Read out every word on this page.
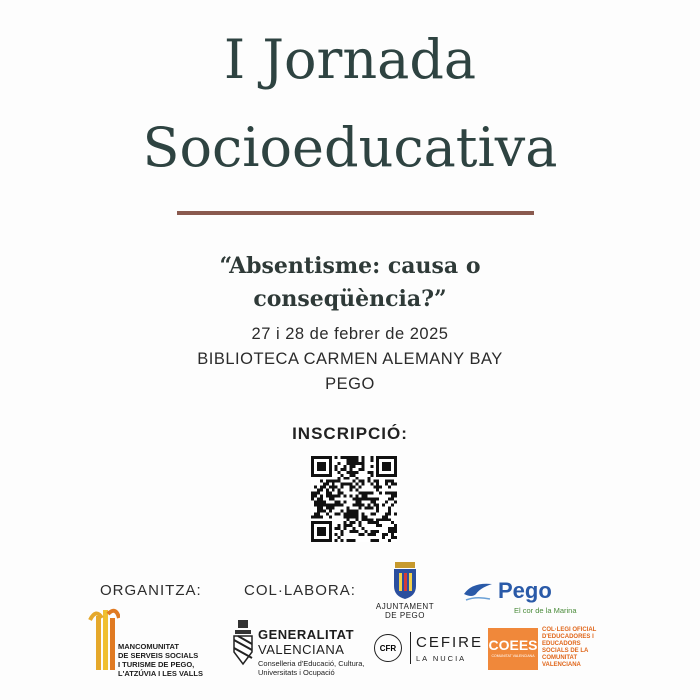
I Jornada
Socioeducativa
“Absentisme: causa o
conseqüència?”
27 i 28 de febrer de 2025
BIBLIOTECA CARMEN ALEMANY BAY
PEGO
INSCRIPCIÓ:
ORGANITZA:	COL·LABORA:
MANCOMUNITAT
DE SERVEIS SOCIALS
I TURISME DE PEGO,
L'ATZÚVIA I LES VALLS
AJUNTAMENT
DE PEGO
Pego
El cor de la Marina
GENERALITAT
VALENCIANA
Conselleria d'Educació, Cultura,
Universitats i Ocupació
CFR	CEFIRE
LA NUCIA
COEES
COMUNITAT VALENCIANA
COL·LEGI OFICIAL
D'EDUCADORES I
EDUCADORS
SOCIALS DE LA
COMUNITAT
VALENCIANA
